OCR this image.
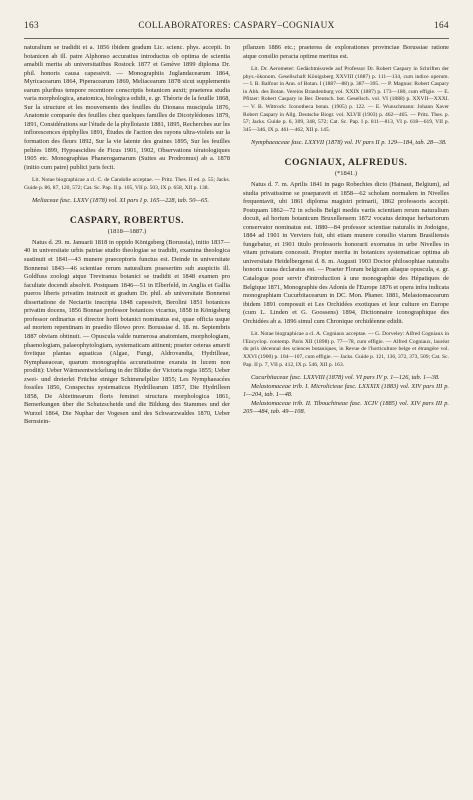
163	COLLABORATORES: CASPARY–COGNIAUX	164

naturalium se tradidit et a. 1856 ibidem gradum Lic. scienc. phys. accepit. In botanicen ab ill. patre Alphonso accuratius introductus ob optima de scientia amabili merita ab universitatibus Rostock 1877 et Genève 1899 diploma Dr. phil. honoris causa capessivit. — Monographiis Juglandacearum 1864, Myricacearum 1864, Piperacearum 1869, Meliacearum 1878 sicut supplementis earum pluribus tempore recentiore conscriptis botanicen auxit; praeterea studia varia morphologica, anatomica, biologica edidit, e. gr. Théorie de la feuille 1868, Sur la structure et les mouvements des feuilles du Dionaea muscipula 1876, Anatomie comparée des feuilles chez quelques familles de Dicotylédones 1879, 1891, Considérations sur l'étude de la phyllotaxie 1881, 1895, Recherches sur les inflorescences épiphylles 1891, Études de l'action des rayons ultra-violets sur la formation des fleurs 1892, Sur la vie latente des graines 1895, Sur les feuilles peltées 1899, Hypoascidies de Ficus 1901, 1902, Observations tératologiques 1905 etc. Monographias Phanerogamarum (Suites au Prodromus) ab a. 1878 (initio cum patre) publici juris fecit.

Lit. Notae biographicae a cl. C. de Candolle acceptae. — Pritz. Thes. II ed. p. 55; Jacks. Guide p. 86, 87, 120, 572; Cat. Sc. Pap. II p. 105, VII p. 503, IX p. 658, XII p. 138.

Meliaceae fasc. LXXV (1878) vol. XI pars I p. 165—228, tab. 50—65.

CASPARY, ROBERTUS.
(1818—1887.)

Natus d. 29. m. Januarii 1818 in oppido Königsberg (Borussia), initio 1837—40 in universitate urbis patriae studio theologiae se tradidit, examina theologica sustinuit et 1841—43 munere praeceptoris functus est. Deinde in universitate Bonnensi 1843—46 scientiae rerum naturalium praesertim sub auspiciis ill. Goldfuss zoologi atque Treviranus botanici se tradidit et 1848 examen pro facultate docendi absolvit. Postquam 1846—51 in Elberfeld, in Anglia et Gallia pueros liberis privatim instruxit et gradum Dr. phil. ab universitate Bonnensi dissertatione de Nectariis inscripta 1848 capessivit, Berolini 1851 botanices privatim docens, 1856 Bonnae professor botanices vicarius, 1858 in Königsberg professor ordinarius et director horti botanici nominatus est, quae officia usque ad mortem repentinam in praedio Illowo prov. Borussiae d. 18. m. Septembris 1887 obviam obtinuit. — Opuscula valde numerosa anatomiam, morphologiam, phaenologiam, palaeophytologiam, systematicam attinent; praeter ceteras amavit foviique plantas aquaticas (Algae, Fungi, Aldrovandia, Hydrilleae, Nymphaeaceae, quarum monographia accuratissime exarata in lucem non prodiit): Ueber Wärmeentwickelung in der Blüthe der Victoria regia 1855; Ueber zwei- und dreierlei Früchte einiger Schimmelpilze 1855; Les Nymphaeacées fossiles 1856, Conspectus systematicus Hydrillearum 1857, Die Hydrilleen 1858, De Abietinearum floris feminei structura morphologica 1861, Bemerkungen über die Schutzscheide und die Bildung des Stammes und der Wurzel 1864, Die Nuphar der Vogesen und des Schwarzwaldes 1870, Ueber Bernstein-

pflanzen 1886 etc.; praeterea de explorationes provinciae Borussiae ratione atque consilio peracta optime meritus est.

Lit. Dr. Aerometer: Gedächtnissrede auf Professor Dr. Robert Caspary in Schriften der phys.-ökonom. Gesellschaft Königsberg XXVIII (1887) p. 111—134, cum indice operum. — I. B. Balfour in Ann. of Botan. I (1887—88) p. 387—395. — P. Magnus: Robert Caspary in Abh. des Botan. Vereins Brandenburg vol. XXIX (1887) p. 173—180, cum effigie. — E. Pfitzer: Robert Caspary in Ber. Deutsch. bot. Gesellsch. vol. VI (1888) p. XXVII—XXXI. — V. B. Wittrock: Iconotheca botan. (1905) p. 122. — E. Wunschmann: Johann Xaver Robert Caspary in Allg. Deutsche Biogr. vol. XLVII (1903) p. 462—465. — Pritz. Thes. p. 57; Jacks. Guide p. 6, 309, 348, 572; Cat. Sc. Pap. I p. 811—813, VI p. 618—619, VII p. 345—346, IX p. 461—462, XII p. 145.

Nymphaeaceae fasc. LXXVII (1878) vol. IV pars II p. 129—184, tab. 28—38.

COGNIAUX, ALFREDUS.
(*1841.)

Natus d. 7. m. Aprilis 1841 in pago Robechies dicto (Hainaut, Belgium), ad studia privatissime se praeparavit et 1858—62 scholam normalem in Nivelles frequentavit, ubi 1861 diploma magistri primarii, 1862 professoris accepit. Postquam 1862—72 in scholis Belgii mediis variis scientiam rerum naturalium docuit, ad hortum botanicum Bruxellensem 1872 vocatus deinque herbariorum conservator nominatus est. 1880—84 professor scientiae naturalis in Jodoigne, 1884 ad 1901 in Verviers fuit, ubi etiam munere consilio viarum Brasiliensis fungebatur, et 1901 titulo professoris honorarii exornatus in urbe Nivelles in vitam privatam concessit. Propter merita in botanices systematicae optima ab universitate Heidelbergensi d. 8. m. Augusti 1903 Doctor philosophiae naturalis honoris causa declaratus est. — Praeter Floram belgicam aliaque opuscula, e. gr. Catalogue pour servir d'introduction à une monographie des Hépatiques de Belgique 1871, Monographie des Adonis de l'Europe 1876 et opera infra indicata monographiam Cucurbitacearum in DC. Mon. Phaner. 1881, Melastomacearum ibidem 1891 composuit et Les Orchidées exotiques et leur culture en Europe (cum L. Linden et G. Goossens) 1894, Dictionnaire iconographique des Orchidées ab a. 1896 simul cum Chronique orchidéenne edidit.

Lit. Notae biographicae a cl. A. Cogniaux acceptae. — G. Dorveley: Alfred Cogniaux in l'Encyclop. contemp. Paris XII (1898) p. 77—78, cum effigie. — Alfred Cogniaux, lauréat du prix décennal des sciences botaniques, in Revue de l'horticulture belge et étrangère vol. XXVI (1900) p. 104—107, cum effigie. — Jacks. Guide p. 121, 136, 372, 373, 509; Cat. Sc. Pap. II p. 7, VII p. 412, IX p. 546, XII p. 163.

Cucurbitaceae fasc. LXXVIII (1878) vol. VI pars IV p. 1—126, tab. 1—38.

Melastomaceae trib. I. Microlicieae fasc. LXXXIX (1883) vol. XIV pars III p. 1—204, tab. 1—48.

Melastomaceae trib. II. Tibouchineae fasc. XCIV (1885) vol. XIV pars III p. 205—484, tab. 49—108.
